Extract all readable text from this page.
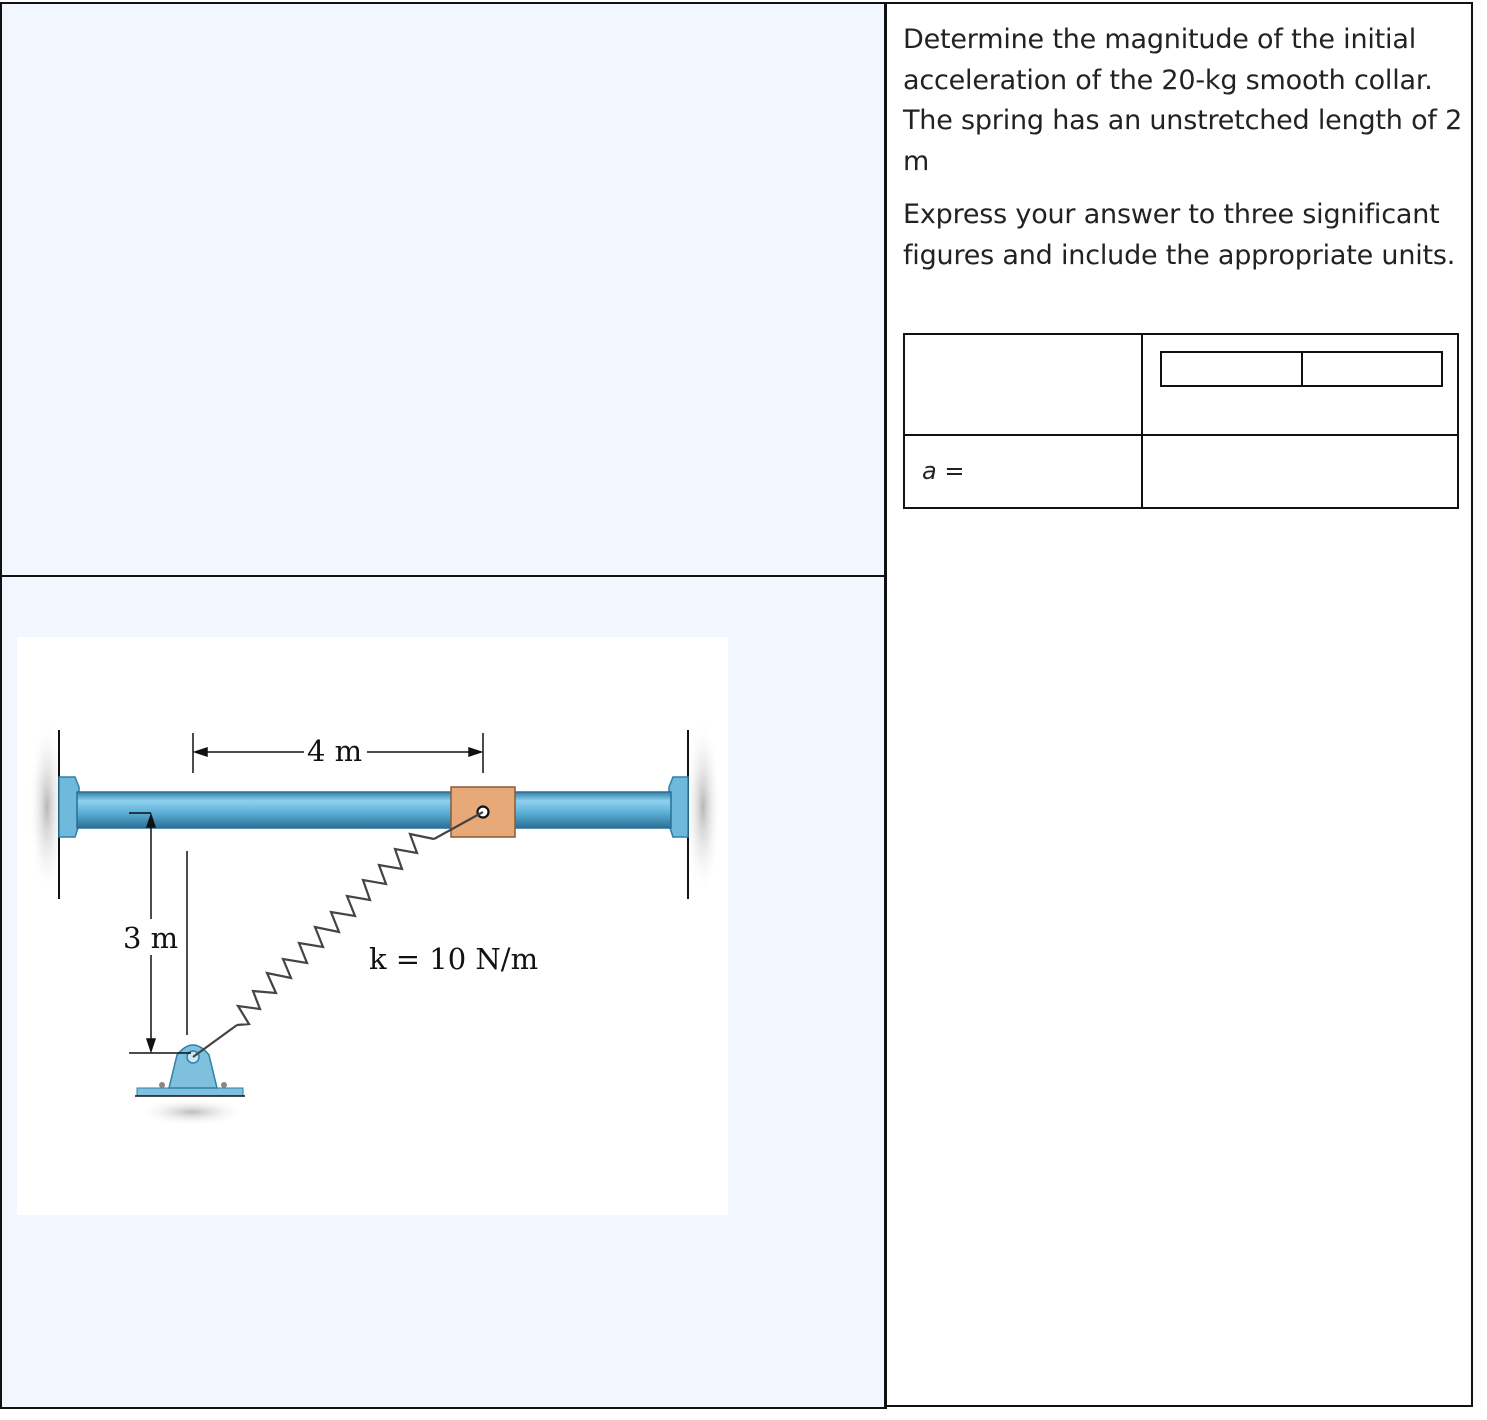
4 m
3 m
k = 10 N/m

Determine the magnitude of the initial acceleration of the 20-kg smooth collar. The spring has an unstretched length of 2 m

Express your answer to three significant figures and include the appropriate units.

a =
